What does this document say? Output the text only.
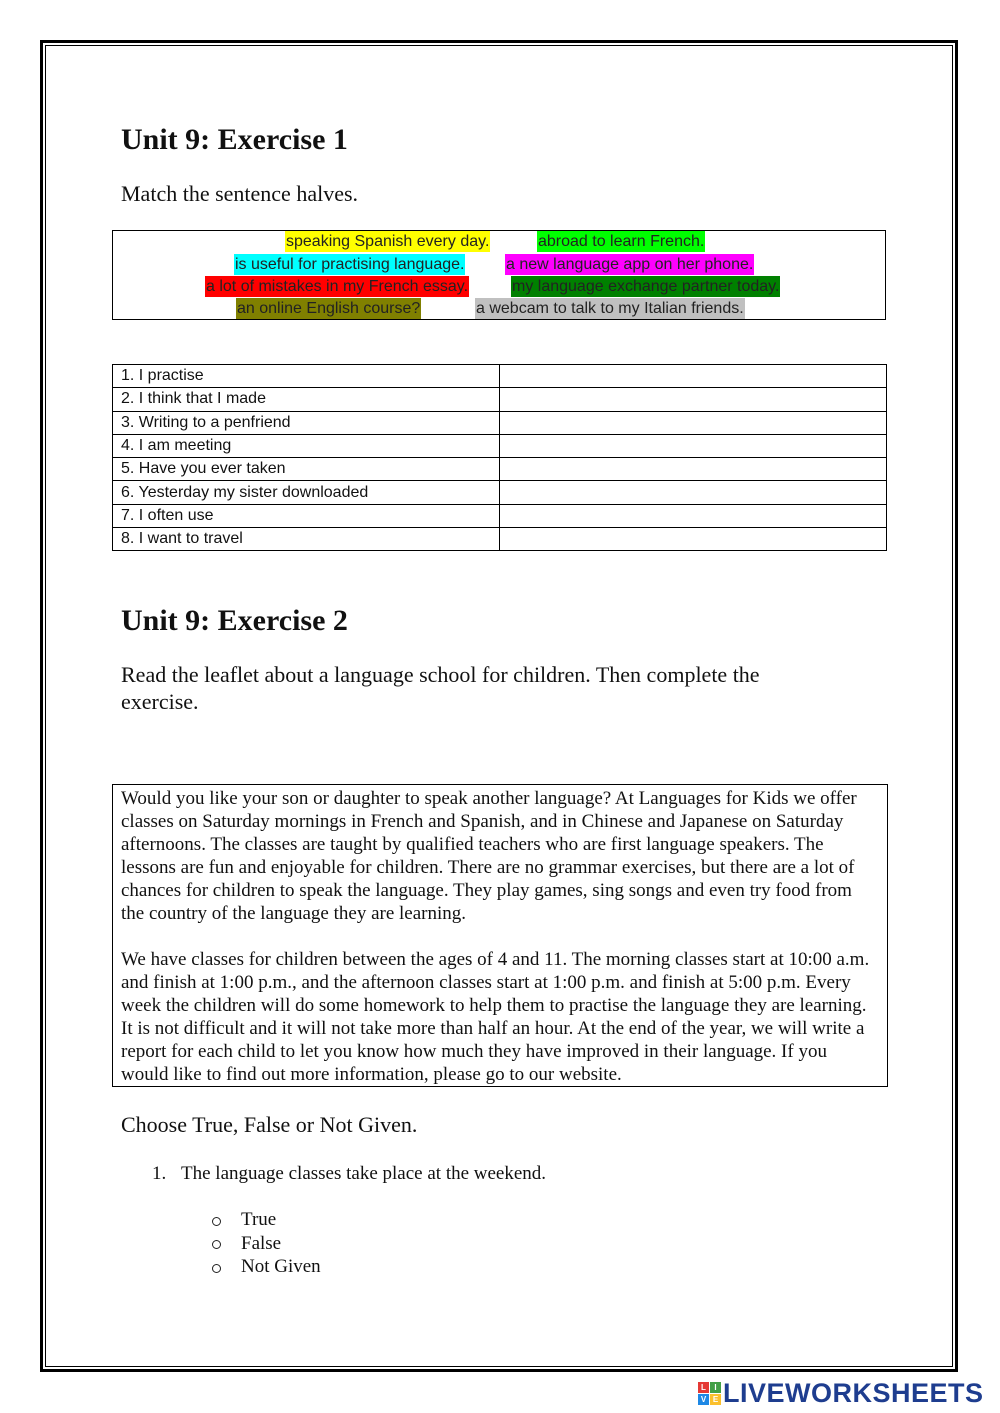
Unit 9: Exercise 1

Match the sentence halves.

speaking Spanish every day.	abroad to learn French.
is useful for practising language.	a new language app on her phone.
a lot of mistakes in my French essay.	my language exchange partner today.
an online English course?	a webcam to talk to my Italian friends.
1. I practise	
2. I think that I made	
3. Writing to a penfriend	
4. I am meeting	
5. Have you ever taken	
6. Yesterday my sister downloaded	
7. I often use	
8. I want to travel	
Unit 9: Exercise 2

Read the leaflet about a language school for children. Then complete the exercise.

Would you like your son or daughter to speak another language? At Languages for Kids we offer classes on Saturday mornings in French and Spanish, and in Chinese and Japanese on Saturday afternoons. The classes are taught by qualified teachers who are first language speakers. The lessons are fun and enjoyable for children. There are no grammar exercises, but there are a lot of chances for children to speak the language. They play games, sing songs and even try food from the country of the language they are learning.

We have classes for children between the ages of 4 and 11. The morning classes start at 10:00 a.m. and finish at 1:00 p.m., and the afternoon classes start at 1:00 p.m. and finish at 5:00 p.m. Every week the children will do some homework to help them to practise the language they are learning. It is not difficult and it will not take more than half an hour. At the end of the year, we will write a report for each child to let you know how much they have improved in their language. If you would like to find out more information, please go to our website.

Choose True, False or Not Given.

1. The language classes take place at the weekend.
True
False
Not Given
L	I
V E LIVEWORKSHEETS
